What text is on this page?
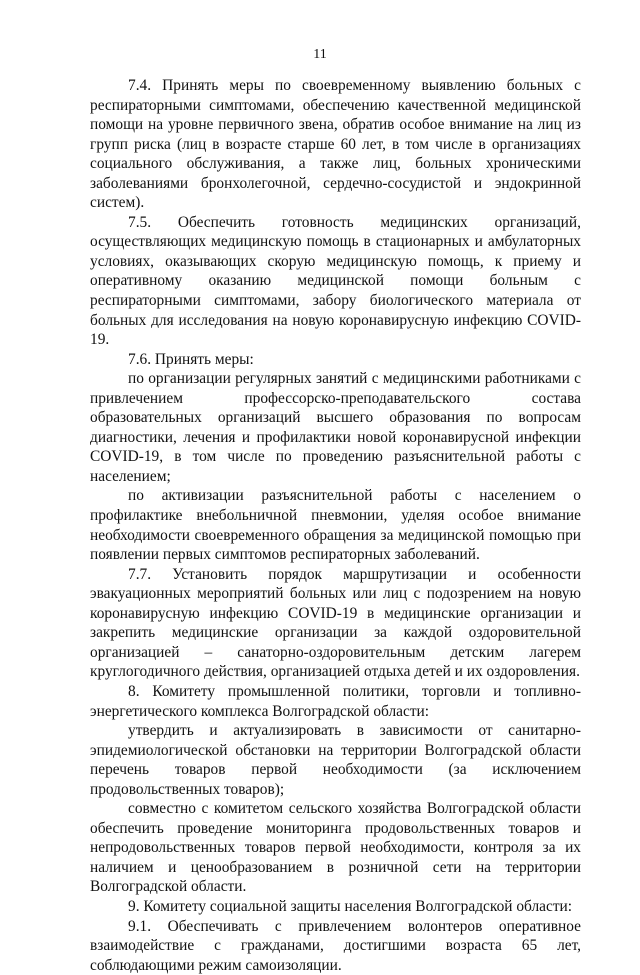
11

7.4. Принять меры по своевременному выявлению больных с респираторными симптомами, обеспечению качественной медицинской помощи на уровне первичного звена, обратив особое внимание на лиц из групп риска (лиц в возрасте старше 60 лет, в том числе в организациях социального обслуживания, а также лиц, больных хроническими заболеваниями бронхолегочной, сердечно-сосудистой и эндокринной систем).

7.5. Обеспечить готовность медицинских организаций, осуществляющих медицинскую помощь в стационарных и амбулаторных условиях, оказывающих скорую медицинскую помощь, к приему и оперативному оказанию медицинской помощи больным с респираторными симптомами, забору биологического материала от больных для исследования на новую коронавирусную инфекцию COVID-19.

7.6. Принять меры:

по организации регулярных занятий с медицинскими работниками с привлечением профессорско-преподавательского состава образовательных организаций высшего образования по вопросам диагностики, лечения и профилактики новой коронавирусной инфекции COVID-19, в том числе по проведению разъяснительной работы с населением;

по активизации разъяснительной работы с населением о профилактике внебольничной пневмонии, уделяя особое внимание необходимости своевременного обращения за медицинской помощью при появлении первых симптомов респираторных заболеваний.

7.7. Установить порядок маршрутизации и особенности эвакуационных мероприятий больных или лиц с подозрением на новую коронавирусную инфекцию COVID-19 в медицинские организации и закрепить медицинские организации за каждой оздоровительной организацией – санаторно-оздоровительным детским лагерем круглогодичного действия, организацией отдыха детей и их оздоровления.

8. Комитету промышленной политики, торговли и топливно-энергетического комплекса Волгоградской области:

утвердить и актуализировать в зависимости от санитарно-эпидемиологической обстановки на территории Волгоградской области перечень товаров первой необходимости (за исключением продовольственных товаров);

совместно с комитетом сельского хозяйства Волгоградской области обеспечить проведение мониторинга продовольственных товаров и непродовольственных товаров первой необходимости, контроля за их наличием и ценообразованием в розничной сети на территории Волгоградской области.

9. Комитету социальной защиты населения Волгоградской области:

9.1. Обеспечивать с привлечением волонтеров оперативное взаимодействие с гражданами, достигшими возраста 65 лет, соблюдающими режим самоизоляции.
